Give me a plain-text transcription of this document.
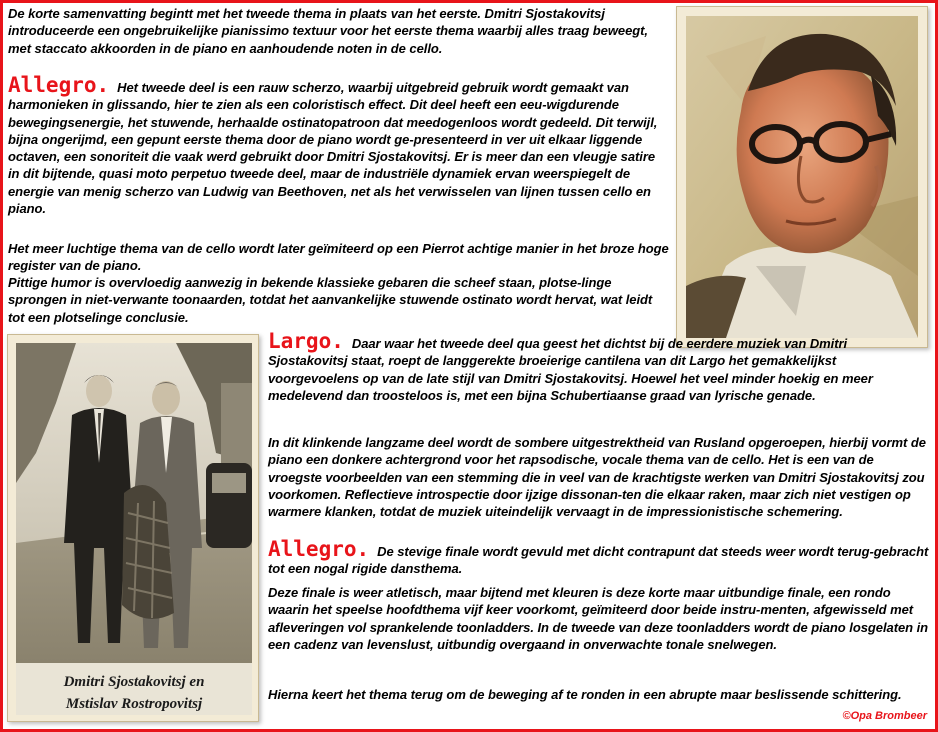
De korte samenvatting begintt met het tweede thema in plaats van het eerste. Dmitri Sjostakovitsj introduceerde een ongebruikelijke pianissimo textuur voor het eerste thema waarbij alles traag beweegt, met staccato akkoorden in de piano en aanhoudende noten in de cello.

Allegro. Het tweede deel is een rauw scherzo, waarbij uitgebreid gebruik wordt gemaakt van harmonieken in glissando, hier te zien als een coloristisch effect. Dit deel heeft een eeu-wigdurende bewegingsenergie, het stuwende, herhaalde ostinatopatroon dat meedogenloos wordt gedeeld. Dit terwijl, bijna ongerijmd, een gepunt eerste thema door de piano wordt ge-presenteerd in ver uit elkaar liggende octaven, een sonoriteit die vaak werd gebruikt door Dmitri Sjostakovitsj. Er is meer dan een vleugje satire in dit bijtende, quasi moto perpetuo tweede deel, maar de industriële dynamiek ervan weerspiegelt de energie van menig scherzo van Ludwig van Beethoven, net als het verwisselen van lijnen tussen cello en piano.

Het meer luchtige thema van de cello wordt later geïmiteerd op een Pierrot achtige manier in het broze hoge register van de piano.

Pittige humor is overvloedig aanwezig in bekende klassieke gebaren die scheef staan, plotse-linge sprongen in niet-verwante toonaarden, totdat het aanvankelijke stuwende ostinato wordt hervat, wat leidt tot een plotselinge conclusie.

Dmitri Sjostakovitsj en
Mstislav Rostropovitsj

Largo. Daar waar het tweede deel qua geest het dichtst bij de eerdere muziek van Dmitri Sjostakovitsj staat, roept de langgerekte broeierige cantilena van dit Largo het gemakkelijkst voorgevoelens op van de late stijl van Dmitri Sjostakovitsj. Hoewel het veel minder hoekig en meer medelevend dan troosteloos is, met een bijna Schubertiaanse graad van lyrische genade.

In dit klinkende langzame deel wordt de sombere uitgestrektheid van Rusland opgeroepen, hierbij vormt de piano een donkere achtergrond voor het rapsodische, vocale thema van de cello. Het is een van de vroegste voorbeelden van een stemming die in veel van de krachtigste werken van Dmitri Sjostakovitsj zou voorkomen. Reflectieve introspectie door ijzige dissonan-ten die elkaar raken, maar zich niet vestigen op warmere klanken, totdat de muziek uiteindelijk vervaagt in de impressionistische schemering.

Allegro. De stevige finale wordt gevuld met dicht contrapunt dat steeds weer wordt terug-gebracht tot een nogal rigide dansthema.

Deze finale is weer atletisch, maar bijtend met kleuren is deze korte maar uitbundige finale, een rondo waarin het speelse hoofdthema vijf keer voorkomt, geïmiteerd door beide instru-menten, afgewisseld met afleveringen vol sprankelende toonladders. In de tweede van deze toonladders wordt de piano losgelaten in een cadenz van levenslust, uitbundig overgaand in onverwachte tonale snelwegen.

Hierna keert het thema terug om de beweging af te ronden in een abrupte maar beslissende schittering.

©Opa Brombeer
